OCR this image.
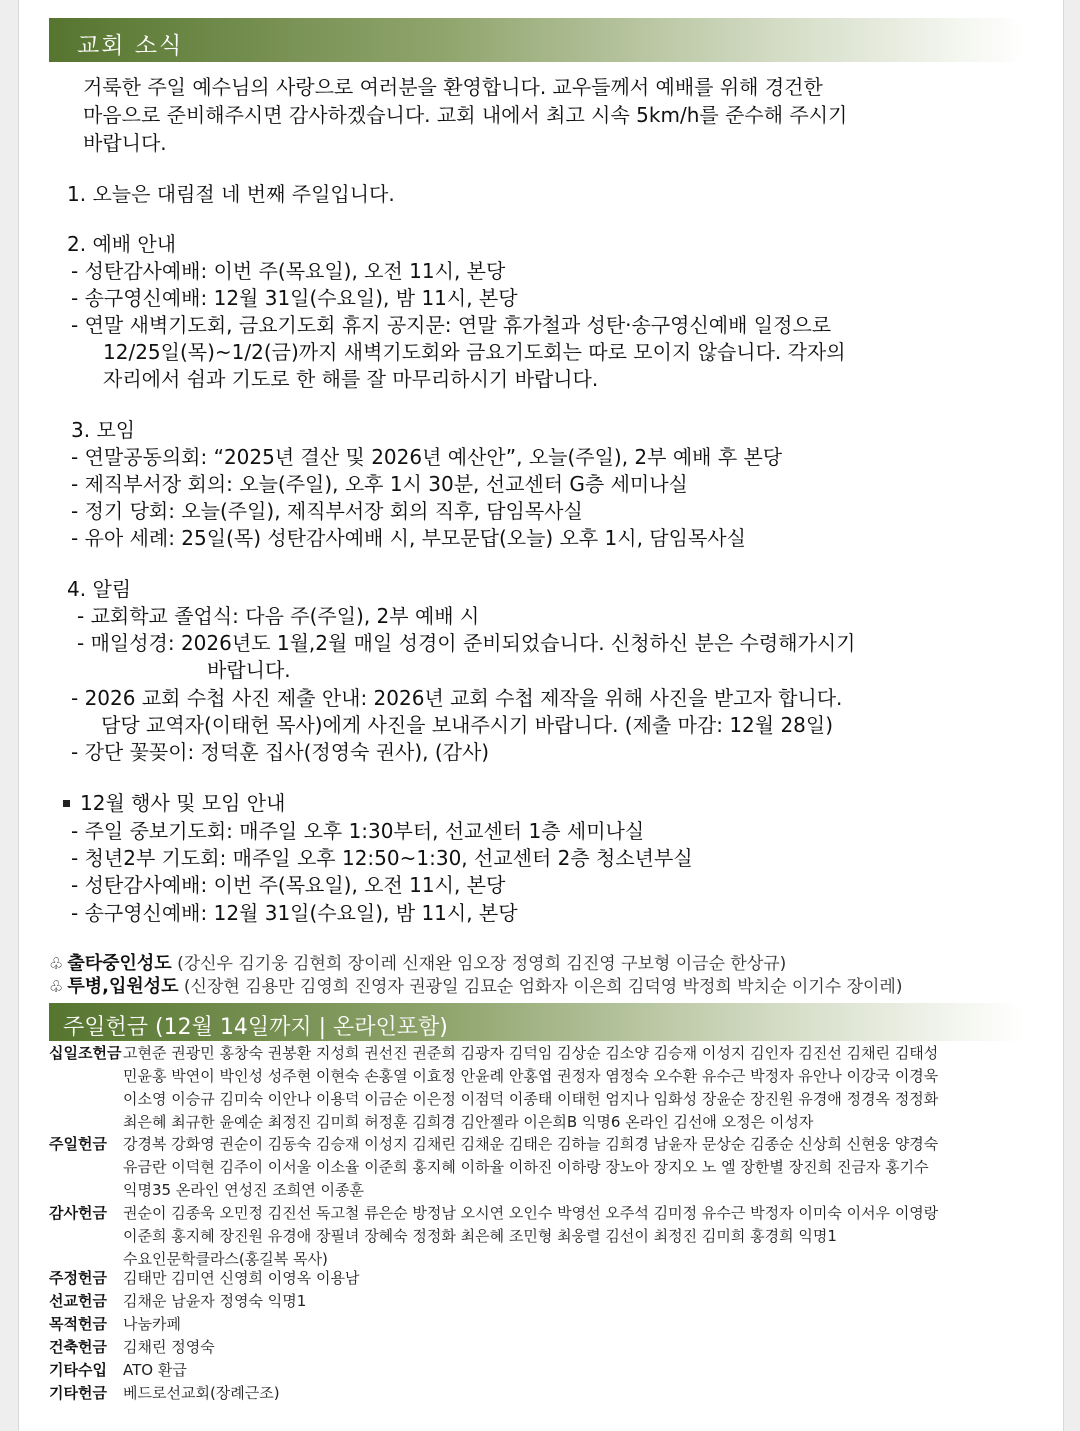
교회 소식
거룩한 주일 예수님의 사랑으로 여러분을 환영합니다. 교우들께서 예배를 위해 경건한
마음으로 준비해주시면 감사하겠습니다. 교회 내에서 최고 시속 5km/h를 준수해 주시기
바랍니다.
1. 오늘은 대림절 네 번째 주일입니다.
2. 예배 안내
- 성탄감사예배: 이번 주(목요일), 오전 11시, 본당
- 송구영신예배: 12월 31일(수요일), 밤 11시, 본당
- 연말 새벽기도회, 금요기도회 휴지 공지문: 연말 휴가철과 성탄·송구영신예배 일정으로
12/25일(목)~1/2(금)까지 새벽기도회와 금요기도회는 따로 모이지 않습니다. 각자의
자리에서 쉼과 기도로 한 해를 잘 마무리하시기 바랍니다.
3. 모임
- 연말공동의회: “2025년 결산 및 2026년 예산안”, 오늘(주일), 2부 예배 후 본당
- 제직부서장 회의: 오늘(주일), 오후 1시 30분, 선교센터 G층 세미나실
- 정기 당회: 오늘(주일), 제직부서장 회의 직후, 담임목사실
- 유아 세례: 25일(목) 성탄감사예배 시, 부모문답(오늘) 오후 1시, 담임목사실
4. 알림
- 교회학교 졸업식: 다음 주(주일), 2부 예배 시
- 매일성경: 2026년도 1월,2월 매일 성경이 준비되었습니다. 신청하신 분은 수령해가시기
바랍니다.
- 2026 교회 수첩 사진 제출 안내: 2026년 교회 수첩 제작을 위해 사진을 받고자 합니다.
담당 교역자(이태헌 목사)에게 사진을 보내주시기 바랍니다. (제출 마감: 12월 28일)
- 강단 꽃꽂이: 정덕훈 집사(정영숙 권사), (감사)
12월 행사 및 모임 안내
- 주일 중보기도회: 매주일 오후 1:30부터, 선교센터 1층 세미나실
- 청년2부 기도회: 매주일 오후 12:50~1:30, 선교센터 2층 청소년부실
- 성탄감사예배: 이번 주(목요일), 오전 11시, 본당
- 송구영신예배: 12월 31일(수요일), 밤 11시, 본당
♧ 출타중인성도 (강신우 김기웅 김현희 장이레 신재완 임오장 정영희 김진영 구보형 이금순 한상규)
♧ 투병,입원성도 (신장현 김용만 김영희 진영자 권광일 김묘순 엄화자 이은희 김덕영 박정희 박치순 이기수 장이레)
주일헌금 (12월 14일까지 | 온라인포함)
십일조헌금 고현준 권광민 홍창숙 권봉환 지성희 권선진 권준희 김광자 김덕임 김상순 김소양 김승재 이성지 김인자 김진선 김채린 김태성
민윤홍 박연이 박인성 성주현 이현숙 손홍열 이효정 안윤례 안홍엽 권정자 염정숙 오수환 유수근 박정자 유안나 이강국 이경욱
이소영 이승규 김미숙 이안나 이용덕 이금순 이은정 이점덕 이종태 이태헌 엄지나 임화성 장윤순 장진원 유경애 정경옥 정정화
최은혜 최규한 윤예순 최정진 김미희 허정훈 김희경 김안젤라 이은희B 익명6 온라인 김선애 오정은 이성자
주일헌금 강경복 강화영 권순이 김동숙 김승재 이성지 김채린 김채운 김태은 김하늘 김희경 남윤자 문상순 김종순 신상희 신현웅 양경숙
유금란 이덕현 김주이 이서울 이소율 이준희 홍지혜 이하율 이하진 이하랑 장노아 장지오 노 엘 장한별 장진희 진금자 홍기수
익명35 온라인 연성진 조희연 이종훈
감사헌금 권순이 김종욱 오민정 김진선 독고철 류은순 방정남 오시연 오인수 박영선 오주석 김미정 유수근 박정자 이미숙 이서우 이영랑
이준희 홍지혜 장진원 유경애 장필녀 장혜숙 정정화 최은혜 조민형 최웅렬 김선이 최정진 김미희 홍경희 익명1
수요인문학클라스(홍길복 목사)
주정헌금 김태만 김미연 신영희 이영옥 이용남
선교헌금 김채운 남윤자 정영숙 익명1
목적헌금 나눔카페
건축헌금 김채린 정영숙
기타수입 ATO 환급
기타헌금 베드로선교회(장례근조)
